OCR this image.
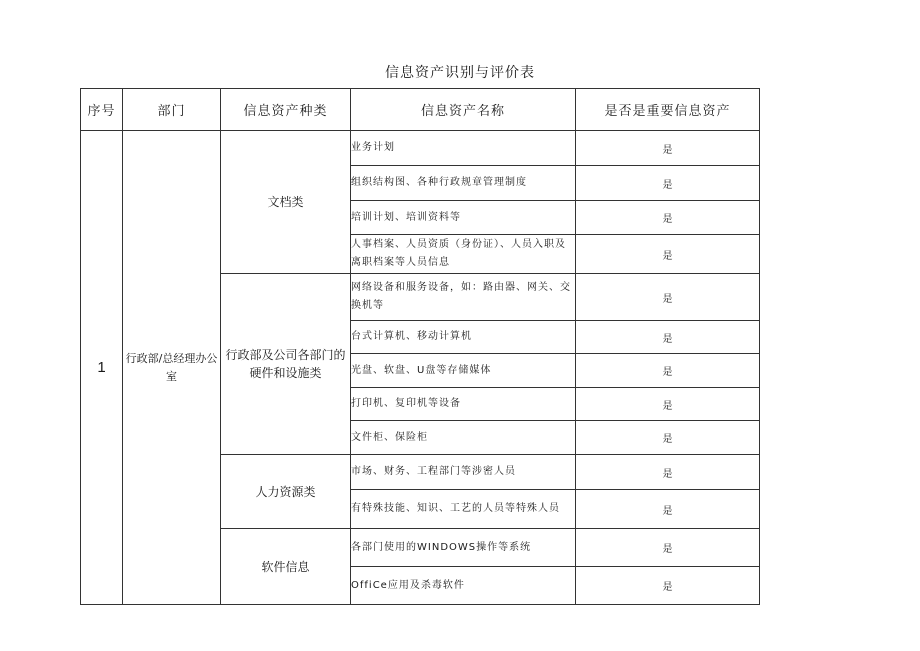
信息资产识别与评价表
序号	部门	信息资产种类	信息资产名称	是否是重要信息资产
1	行政部/总经理办公室	文档类	业务计划	是
			组织结构图、各种行政规章管理制度	是
			培训计划、培训资料等	是
			人事档案、人员资质（身份证）、人员入职及离职档案等人员信息	是
		行政部及公司各部门的硬件和设施类	网络设备和服务设备，如：路由器、网关、交换机等	是
			台式计算机、移动计算机	是
			光盘、软盘、U盘等存储媒体	是
			打印机、复印机等设备	是
			文件柜、保险柜	是
		人力资源类	市场、财务、工程部门等涉密人员	是
			有特殊技能、知识、工艺的人员等特殊人员	是
		软件信息	各部门使用的WINDOWS操作等系统	是
			OffiCe应用及杀毒软件	是
